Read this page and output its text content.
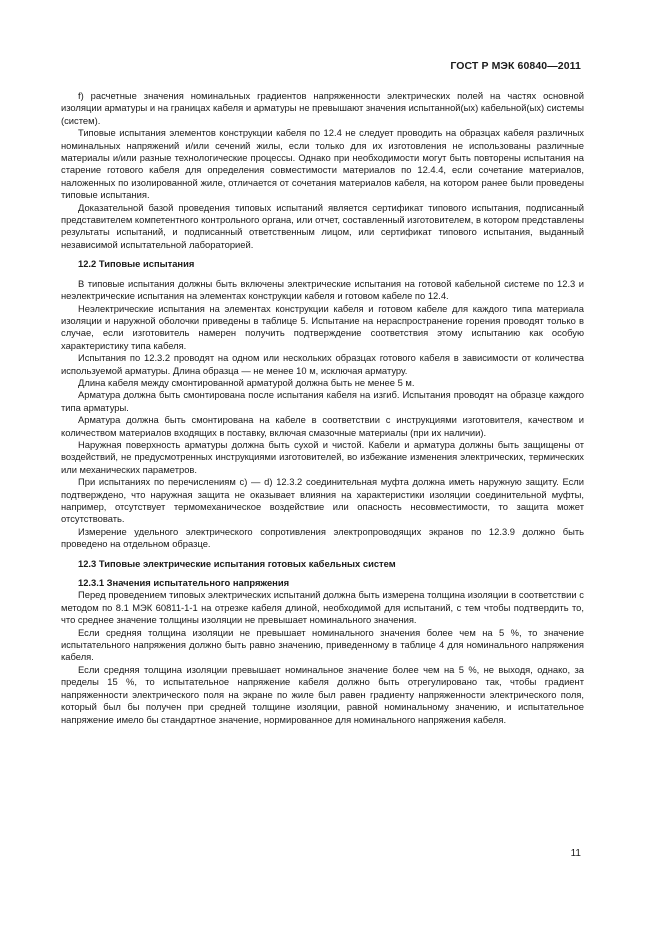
ГОСТ Р МЭК 60840—2011

f) расчетные значения номинальных градиентов напряженности электрических полей на частях основной изоляции арматуры и на границах кабеля и арматуры не превышают значения испытанной(ых) кабельной(ых) системы (систем).

Типовые испытания элементов конструкции кабеля по 12.4 не следует проводить на образцах кабеля различных номинальных напряжений и/или сечений жилы, если только для их изготовления не использованы различные материалы и/или разные технологические процессы. Однако при необходимости могут быть повторены испытания на старение готового кабеля для определения совместимости материалов по 12.4.4, если сочетание материалов, наложенных по изолированной жиле, отличается от сочетания материалов кабеля, на котором ранее были проведены типовые испытания.

Доказательной базой проведения типовых испытаний является сертификат типового испытания, подписанный представителем компетентного контрольного органа, или отчет, составленный изготовителем, в котором представлены результаты испытаний, и подписанный ответственным лицом, или сертификат типового испытания, выданный независимой испытательной лабораторией.

12.2 Типовые испытания

В типовые испытания должны быть включены электрические испытания на готовой кабельной системе по 12.3 и неэлектрические испытания на элементах конструкции кабеля и готовом кабеле по 12.4.

Неэлектрические испытания на элементах конструкции кабеля и готовом кабеле для каждого типа материала изоляции и наружной оболочки приведены в таблице 5. Испытание на нераспространение горения проводят только в случае, если изготовитель намерен получить подтверждение соответствия этому испытанию как особую характеристику типа кабеля.

Испытания по 12.3.2 проводят на одном или нескольких образцах готового кабеля в зависимости от количества используемой арматуры. Длина образца — не менее 10 м, исключая арматуру.

Длина кабеля между смонтированной арматурой должна быть не менее 5 м.

Арматура должна быть смонтирована после испытания кабеля на изгиб. Испытания проводят на образце каждого типа арматуры.

Арматура должна быть смонтирована на кабеле в соответствии с инструкциями изготовителя, качеством и количеством материалов входящих в поставку, включая смазочные материалы (при их наличии).

Наружная поверхность арматуры должна быть сухой и чистой. Кабели и арматура должны быть защищены от воздействий, не предусмотренных инструкциями изготовителей, во избежание изменения электрических, термических или механических параметров.

При испытаниях по перечислениям с) — d) 12.3.2 соединительная муфта должна иметь наружную защиту. Если подтверждено, что наружная защита не оказывает влияния на характеристики изоляции соединительной муфты, например, отсутствует термомеханическое воздействие или опасность несовместимости, то защита может отсутствовать.

Измерение удельного электрического сопротивления электропроводящих экранов по 12.3.9 должно быть проведено на отдельном образце.

12.3 Типовые электрические испытания готовых кабельных систем
12.3.1 Значения испытательного напряжения

Перед проведением типовых электрических испытаний должна быть измерена толщина изоляции в соответствии с методом по 8.1 МЭК 60811-1-1 на отрезке кабеля длиной, необходимой для испытаний, с тем чтобы подтвердить то, что среднее значение толщины изоляции не превышает номинального значения.

Если средняя толщина изоляции не превышает номинального значения более чем на 5 %, то значение испытательного напряжения должно быть равно значению, приведенному в таблице 4 для номинального напряжения кабеля.

Если средняя толщина изоляции превышает номинальное значение более чем на 5 %, не выходя, однако, за пределы 15 %, то испытательное напряжение кабеля должно быть отрегулировано так, чтобы градиент напряженности электрического поля на экране по жиле был равен градиенту напряженности электрического поля, который был бы получен при средней толщине изоляции, равной номинальному значению, и испытательное напряжение имело бы стандартное значение, нормированное для номинального напряжения кабеля.

11
